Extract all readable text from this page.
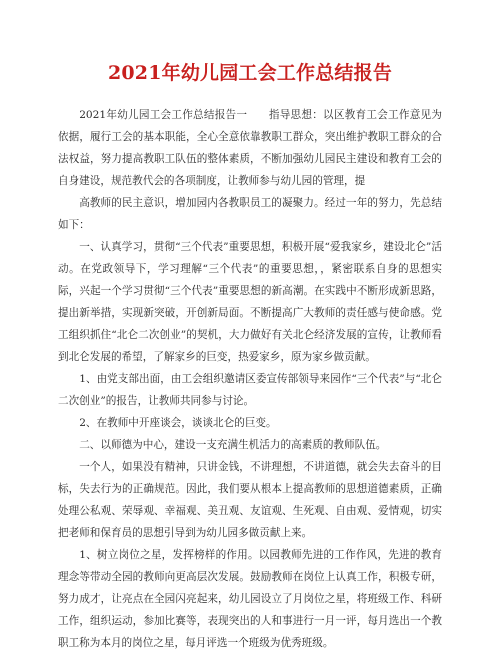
2021年幼儿园工会工作总结报告

2021年幼儿园工会工作总结报告一　　指导思想：以区教育工会工作意见为依据，履行工会的基本职能，全心全意依靠教职工群众，突出维护教职工群众的合法权益，努力提高教职工队伍的整体素质，不断加强幼儿园民主建设和教育工会的自身建设，规范教代会的各项制度，让教师参与幼儿园的管理，提

高教师的民主意识，增加园内各教职员工的凝聚力。经过一年的努力，先总结如下：

一、认真学习，贯彻“三个代表”重要思想，积极开展“爱我家乡，建设北仑”活动。在党政领导下，学习理解“三个代表”的重要思想，，紧密联系自身的思想实际，兴起一个学习贯彻“三个代表”重要思想的新高潮。在实践中不断形成新思路，提出新举措，实现新突破，开创新局面。不断提高广大教师的责任感与使命感。党工组织抓住“北仑二次创业”的契机，大力做好有关北仑经济发展的宣传，让教师看到北仑发展的希望，了解家乡的巨变，热爱家乡，原为家乡做贡献。

1、由党支部出面，由工会组织邀请区委宣传部领导来园作“三个代表”与“北仑二次创业”的报告，让教师共同参与讨论。

2、在教师中开座谈会，谈谈北仑的巨变。

二、以师德为中心，建设一支充满生机活力的高素质的教师队伍。

一个人，如果没有精神，只讲金钱，不讲理想，不讲道德，就会失去奋斗的目标，失去行为的正确规范。因此，我们要从根本上提高教师的思想道德素质，正确处理公私观、荣辱观、幸福观、美丑观、友谊观、生死观、自由观、爱情观，切实把老师和保育员的思想引导到为幼儿园多做贡献上来。

1、树立岗位之星，发挥榜样的作用。以园教师先进的工作作风，先进的教育理念等带动全园的教师向更高层次发展。鼓励教师在岗位上认真工作，积极专研，努力成才，让亮点在全园闪亮起来，幼儿园设立了月岗位之星，将班级工作、科研工作，组织运动，参加比赛等，表现突出的人和事进行一月一评，每月选出一个教职工称为本月的岗位之星，每月评选一个班级为优秀班级。
